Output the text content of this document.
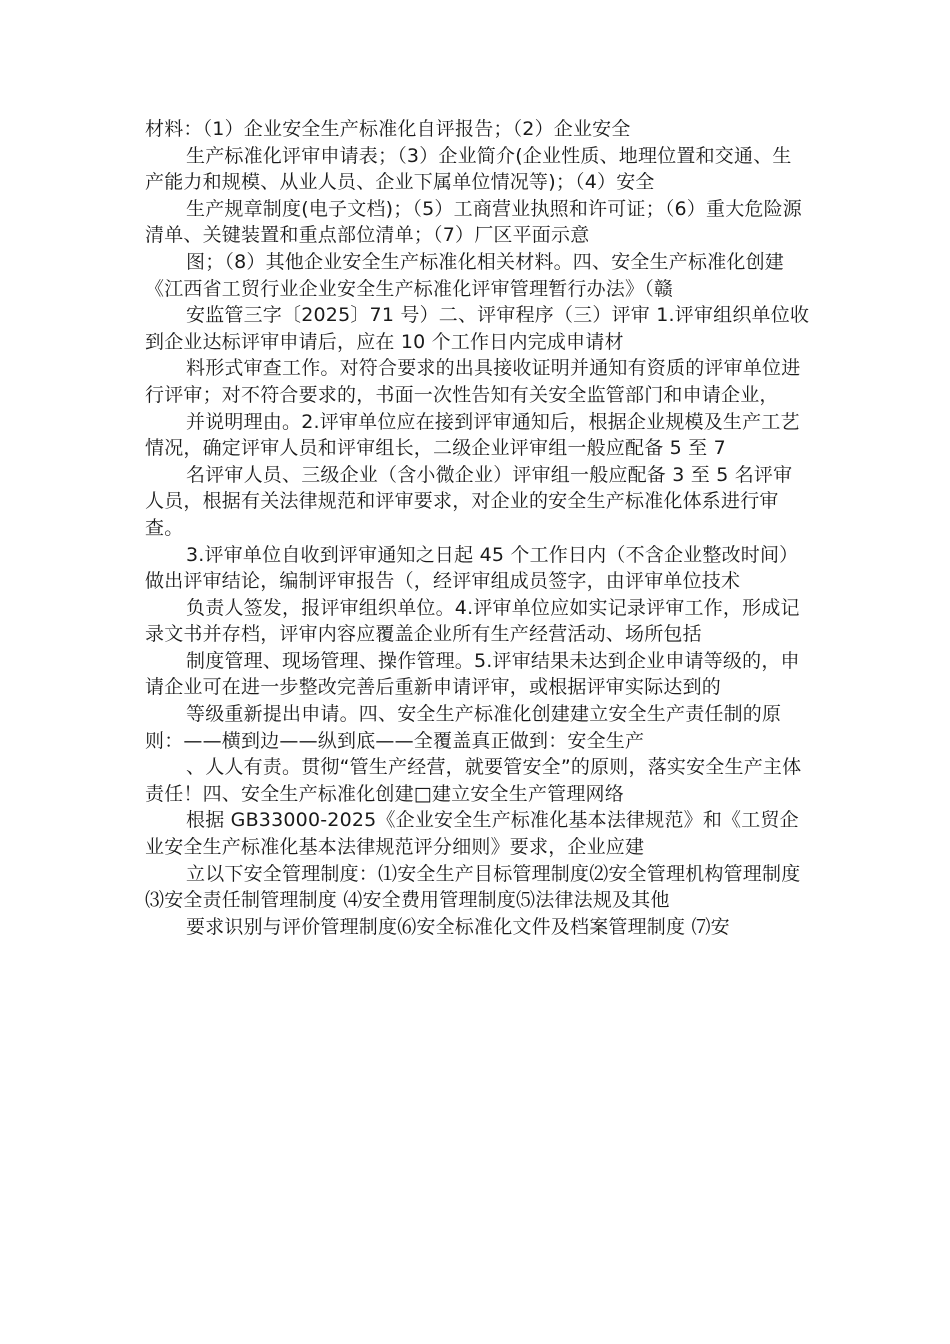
材料：（1）企业安全生产标准化自评报告；（2）企业安全

生产标准化评审申请表；（3）企业简介(企业性质、地理位置和交通、生产能力和规模、从业人员、企业下属单位情况等)；（4）安全

生产规章制度(电子文档)；（5）工商营业执照和许可证；（6）重大危险源清单、关键装置和重点部位清单；（7）厂区平面示意

图；（8）其他企业安全生产标准化相关材料。四、安全生产标准化创建《江西省工贸行业企业安全生产标准化评审管理暂行办法》（赣

安监管三字〔2025〕71 号）二、评审程序（三）评审 1.评审组织单位收到企业达标评审申请后，应在 10 个工作日内完成申请材

料形式审查工作。对符合要求的出具接收证明并通知有资质的评审单位进行评审；对不符合要求的，书面一次性告知有关安全监管部门和申请企业，

并说明理由。2.评审单位应在接到评审通知后，根据企业规模及生产工艺情况，确定评审人员和评审组长，二级企业评审组一般应配备 5 至 7

名评审人员、三级企业（含小微企业）评审组一般应配备 3 至 5 名评审人员，根据有关法律规范和评审要求，对企业的安全生产标准化体系进行审查。

3.评审单位自收到评审通知之日起 45 个工作日内（不含企业整改时间）做出评审结论，编制评审报告（，经评审组成员签字，由评审单位技术

负责人签发，报评审组织单位。4.评审单位应如实记录评审工作，形成记录文书并存档，评审内容应覆盖企业所有生产经营活动、场所包括

制度管理、现场管理、操作管理。5.评审结果未达到企业申请等级的，申请企业可在进一步整改完善后重新申请评审，或根据评审实际达到的

等级重新提出申请。四、安全生产标准化创建建立安全生产责任制的原则：——横到边——纵到底——全覆盖真正做到：安全生产

、人人有责。贯彻“管生产经营，就要管安全”的原则，落实安全生产主体责任！四、安全生产标准化创建□建立安全生产管理网络

根据 GB33000-2025《企业安全生产标准化基本法律规范》和《工贸企业安全生产标准化基本法律规范评分细则》要求，企业应建

立以下安全管理制度：⑴安全生产目标管理制度⑵安全管理机构管理制度⑶安全责任制管理制度 ⑷安全费用管理制度⑸法律法规及其他

要求识别与评价管理制度⑹安全标准化文件及档案管理制度 ⑺安
